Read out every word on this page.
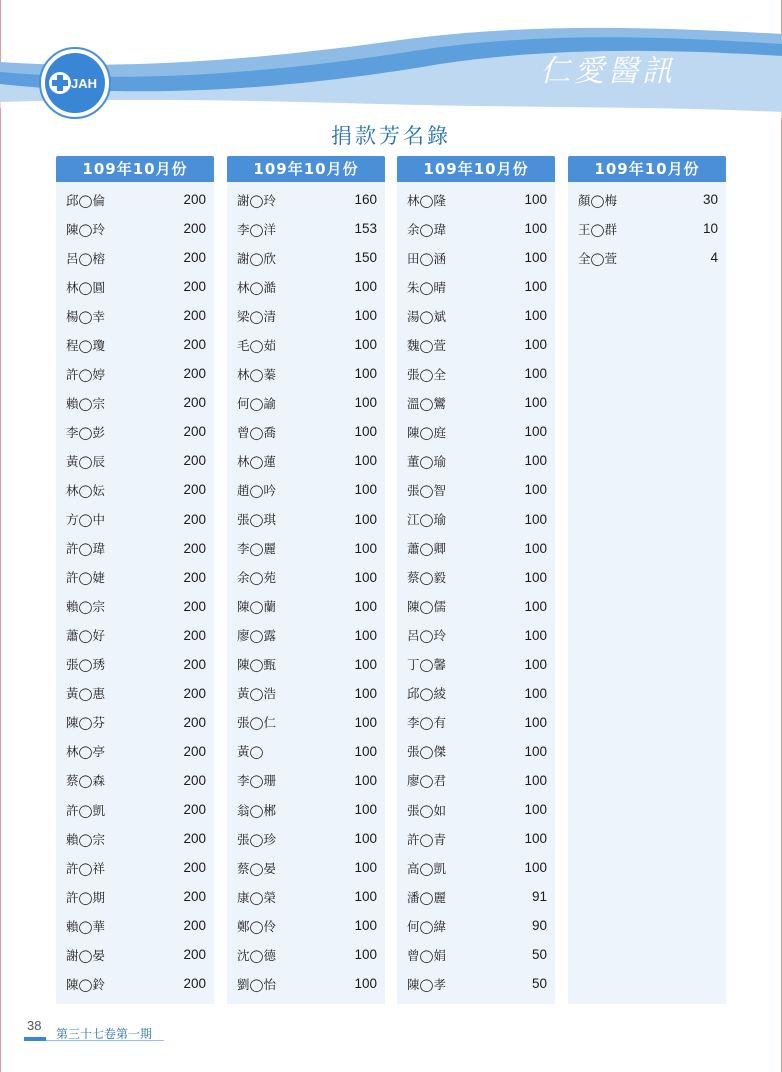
JAH	仁愛醫訊
捐款芳名錄
109年10月份
邱◯倫	200
陳◯玲	200
呂◯榕	200
林◯圓	200
楊◯幸	200
程◯瓊	200
許◯婷	200
賴◯宗	200
李◯彭	200
黃◯辰	200
林◯妘	200
方◯中	200
許◯瑋	200
許◯婕	200
賴◯宗	200
蕭◯好	200
張◯琇	200
黃◯惠	200
陳◯芬	200
林◯亭	200
蔡◯森	200
許◯凱	200
賴◯宗	200
許◯祥	200
許◯期	200
賴◯華	200
謝◯晏	200
陳◯鈴	200
109年10月份
謝◯玲	160
李◯洋	153
謝◯欣	150
林◯澔	100
梁◯清	100
毛◯茹	100
林◯蓁	100
何◯諭	100
曾◯喬	100
林◯蓮	100
趙◯吟	100
張◯琪	100
李◯麗	100
余◯苑	100
陳◯蘭	100
廖◯露	100
陳◯甄	100
黃◯浩	100
張◯仁	100
黃◯	100
李◯珊	100
翁◯郴	100
張◯珍	100
蔡◯晏	100
康◯榮	100
鄭◯伶	100
沈◯德	100
劉◯怡	100
109年10月份
林◯隆	100
余◯瑋	100
田◯涵	100
朱◯晴	100
湯◯斌	100
魏◯萱	100
張◯全	100
溫◯鸞	100
陳◯庭	100
董◯瑜	100
張◯智	100
江◯瑜	100
蕭◯卿	100
蔡◯毅	100
陳◯儒	100
呂◯玲	100
丁◯馨	100
邱◯綾	100
李◯有	100
張◯傑	100
廖◯君	100
張◯如	100
許◯青	100
高◯凱	100
潘◯麗	91
何◯緯	90
曾◯娟	50
陳◯孝	50
109年10月份
顏◯梅	30
王◯群	10
全◯萱	4
38
第三十七卷第一期
